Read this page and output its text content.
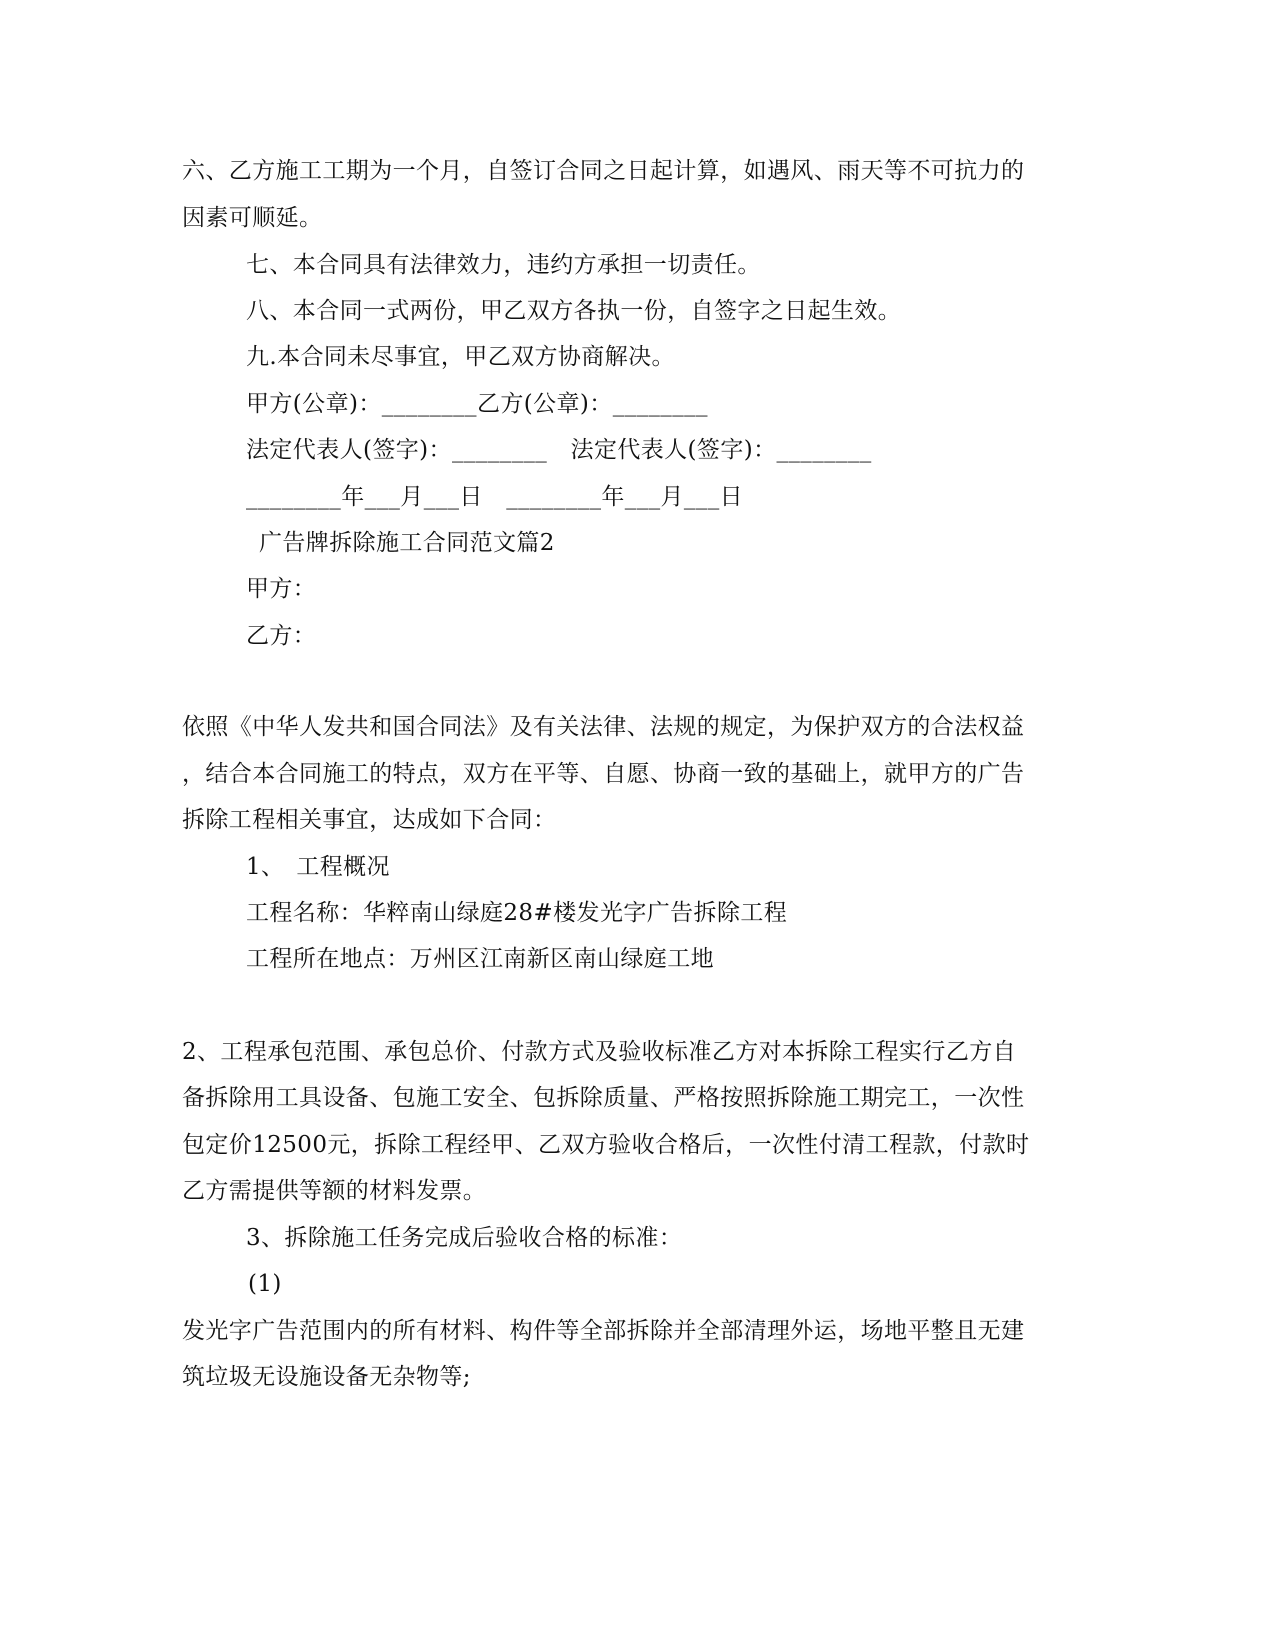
六、乙方施工工期为一个月，自签订合同之日起计算，如遇风、雨天等不可抗力的
因素可顺延。
七、本合同具有法律效力，违约方承担一切责任。
八、本合同一式两份，甲乙双方各执一份，自签字之日起生效。
九.本合同未尽事宜，甲乙双方协商解决。
甲方(公章)：________乙方(公章)：________
法定代表人(签字)：________　法定代表人(签字)：________
________年___月___日　________年___月___日
广告牌拆除施工合同范文篇2
甲方：
乙方：
依照《中华人发共和国合同法》及有关法律、法规的规定，为保护双方的合法权益
，结合本合同施工的特点，双方在平等、自愿、协商一致的基础上，就甲方的广告
拆除工程相关事宜，达成如下合同：
1、　工程概况
工程名称：华粹南山绿庭28#楼发光字广告拆除工程
工程所在地点：万州区江南新区南山绿庭工地
2、工程承包范围、承包总价、付款方式及验收标准乙方对本拆除工程实行乙方自
备拆除用工具设备、包施工安全、包拆除质量、严格按照拆除施工期完工，一次性
包定价12500元，拆除工程经甲、乙双方验收合格后，一次性付清工程款，付款时
乙方需提供等额的材料发票。
3、拆除施工任务完成后验收合格的标准：
(1)
发光字广告范围内的所有材料、构件等全部拆除并全部清理外运，场地平整且无建
筑垃圾无设施设备无杂物等;
